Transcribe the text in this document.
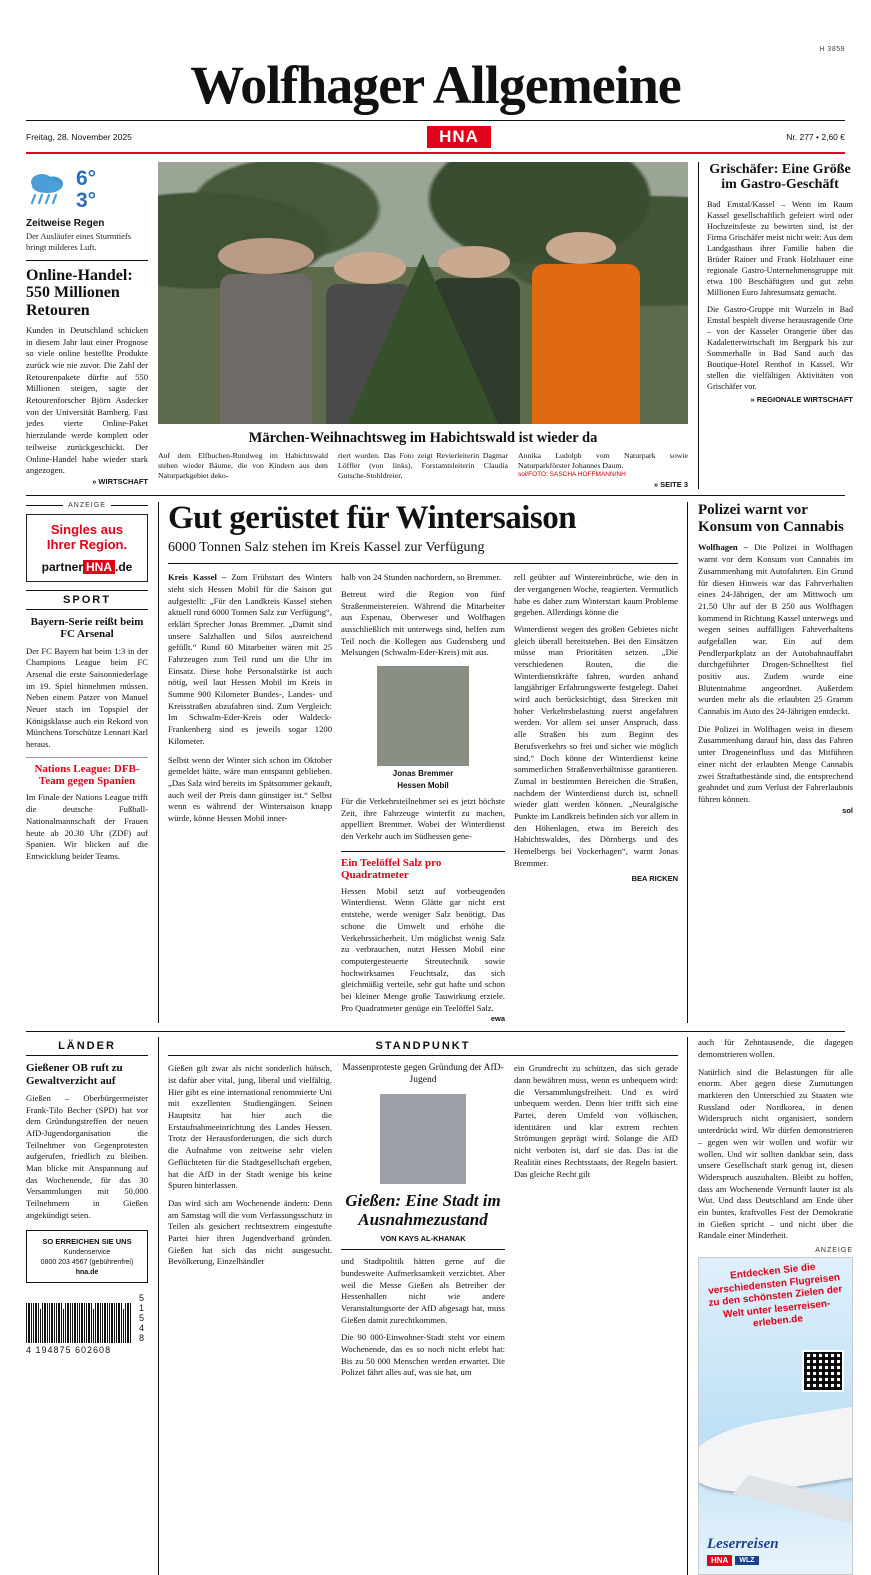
H 3859
Wolfhager Allgemeine
Freitag, 28. November 2025	HNA	Nr. 277 • 2,60 €
6°
3°
Zeitweise Regen
Der Ausläufer eines Sturmtiefs bringt milderes Luft.
Online-Handel: 550 Millionen Retouren
Kunden in Deutschland schicken in diesem Jahr laut einer Prognose so viele online bestellte Produkte zurück wie nie zuvor. Die Zahl der Retourenpakete dürfte auf 550 Millionen steigen, sagte der Retourenforscher Björn Asdecker von der Universität Bamberg. Fast jedes vierte Online-Paket hierzulande werde komplett oder teilweise zurückgeschickt. Der Online-Handel habe wieder stark angezogen.
» WIRTSCHAFT
Märchen-Weihnachtsweg im Habichtswald ist wieder da
Auf dem Elfbuchen-Rundweg im Habichtswald stehen wieder Bäume, die von Kindern aus dem Naturparkgebiet deko-
riert wurden. Das Foto zeigt Revierleiterin Dagmar Löffler (von links), Forstamtsleiterin Claudia Gutsche-Stohldreier,
Annika Ludolph vom Naturpark sowie Naturparkförster Johannes Daum.
sol/FOTO: SASCHA HOFFMANN/NH
» SEITE 3
Grischäfer: Eine Größe im Gastro-Geschäft
Bad Emstal/Kassel – Wenn im Raum Kassel gesellschaftlich gefeiert wird oder Hochzeitsfeste zu bewirten sind, ist der Firma Grischäfer meist nicht weit: Aus dem Landgasthaus ihrer Familie haben die Brüder Rainer und Frank Holzhauer eine regionale Gastro-Unternehmensgruppe mit etwa 100 Beschäftigten und gut zehn Millionen Euro Jahresumsatz gemacht.
Die Gastro-Gruppe mit Wurzeln in Bad Emstal bespielt diverse herausragende Orte – von der Kasseler Orangerie über das Kadaletterwirtschaft im Bergpark bis zur Sommerhalle in Bad Sand auch das Boutique-Hotel Renthof in Kassel. Wir stellen die vielfältigen Aktivitäten von Grischäfer vor.
» REGIONALE WIRTSCHAFT
ANZEIGE
Singles aus
Ihrer Region.
partner HNA .de
SPORT
Bayern-Serie reißt beim FC Arsenal
Der FC Bayern hat beim 1:3 in der Champions League beim FC Arsenal die erste Saisonniederlage im 19. Spiel hinnehmen müssen. Neben einem Patzer von Manuel Neuer stach im Topspiel der Königsklasse auch ein Rekord von Münchens Torschütze Lennart Karl heraus.
Nations League: DFB-Team gegen Spanien
Im Finale der Nations League trifft die deutsche Fußball-Nationalmannschaft der Frauen heute ab 20.30 Uhr (ZDF) auf Spanien. Wir blicken auf die Entwicklung beider Teams.
Gut gerüstet für Wintersaison
6000 Tonnen Salz stehen im Kreis Kassel zur Verfügung
Kreis Kassel – Zum Frühstart des Winters sieht sich Hessen Mobil für die Saison gut aufgestellt: „Für den Landkreis Kassel stehen aktuell rund 6000 Tonnen Salz zur Verfügung“, erklärt Sprecher Jonas Bremmer. „Damit sind unsere Salzhallen und Silos ausreichend gefüllt.“ Rund 60 Mitarbeiter wären mit 25 Fahrzeugen zum Teil rund um die Uhr im Einsatz. Diese hohe Personalstärke ist auch nötig, weil laut Hessen Mobil im Kreis in Summe 900 Kilometer Bundes-, Landes- und Kreisstraßen abzufahren sind. Zum Vergleich: Im Schwalm-Eder-Kreis oder Waldeck-Frankenberg sind es jeweils sogar 1200 Kilometer.
Selbst wenn der Winter sich schon im Oktober gemeldet hätte, wäre man entspannt geblieben. „Das Salz wird bereits im Spätsommer gekauft, auch weil der Preis dann günstiger ist.“ Selbst wenn es während der Wintersaison knapp würde, könne Hessen Mobil inner-
halb von 24 Stunden nachordern, so Bremmer.
Betreut wird die Region von fünf Straßenmeistereien. Während die Mitarbeiter aus Espenau, Oberweser und Wolfhagen ausschließlich mit unterwegs sind, helfen zum Teil noch die Kollegen aus Gudensberg und Melsungen (Schwalm-Eder-Kreis) mit aus.
Jonas Bremmer
Hessen Mobil
Für die Verkehrsteilnehmer sei es jetzt höchste Zeit, ihre Fahrzeuge winterfit zu machen, appelliert Bremmer. Wobei der Winterdienst den Verkehr auch im Südhessen gene-
Ein Teelöffel Salz pro Quadratmeter
Hessen Mobil setzt auf vorbeugenden Winterdienst. Wenn Glätte gar nicht erst entstehe, werde weniger Salz benötigt. Das schone die Umwelt und erhöhe die Verkehrssicherheit. Um möglichst wenig Salz zu verbrauchen, nutzt Hessen Mobil eine computergesteuerte Streutechnik sowie hochwirksames Feuchtsalz, das sich gleichmäßig verteile, sehr gut hafte und schon bei kleiner Menge große Tauwirkung erziele. Pro Quadratmeter genüge ein Teelöffel Salz.
ewa
rell geübter auf Wintereinbrüche, wie den in der vergangenen Woche, reagierten. Vermutlich habe es daher zum Winterstart kaum Probleme gegeben. Allerdings könne die
Winterdienst wegen des großen Gebietes nicht gleich überall bereitstehen. Bei den Einsätzen müsse man Prioritäten setzen. „Die verschiedenen Routen, die die Winterdienstkräfte fahren, wurden anhand langjähriger Erfahrungswerte festgelegt. Dabei wird auch berücksichtigt, dass Strecken mit hoher Verkehrsbelastung zuerst angefahren werden. Vor allem sei unser Anspruch, dass alle Straßen bis zum Beginn des Berufsverkehrs so frei und sicher wie möglich sind.“ Doch könne der Winterdienst keine sommerlichen Straßenverhältnisse garantieren. Zumal in bestimmten Bereichen die Straßen, nachdem der Winterdienst durch ist, schnell wieder glatt werden können. „Neuralgische Punkte im Landkreis befinden sich vor allem in den Höhenlagen, etwa im Bereich des Habichtswaldes, des Dörnbergs und des Hemelbergs bei Vockerhagen“, warnt Jonas Bremmer.
BEA RICKEN
Polizei warnt vor Konsum von Cannabis
Wolfhagen – Die Polizei in Wolfhagen warnt vor dem Konsum von Cannabis im Zusammenhang mit Autofahrten. Ein Grund für diesen Hinweis war das Fahrverhalten eines 24-Jährigen, der am Mittwoch um 21.50 Uhr auf der B 250 aus Wolfhagen kommend in Richtung Kassel unterwegs und wegen seines auffälligen Fahrverhaltens aufgefallen war. Ein auf dem Pendlerparkplatz an der Autobahnauffahrt durchgeführter Drogen-Schnelltest fiel positiv aus. Zudem wurde eine Blutentnahme angeordnet. Außerdem wurden mehr als die erlaubten 25 Gramm Cannabis im Auto des 24-Jährigen entdeckt.
Die Polizei in Wolfhagen weist in diesem Zusammenhang darauf hin, dass das Fahren unter Drogeneinfluss und das Mitführen einer nicht der erlaubten Menge Cannabis zwei Straftatbestände sind, die entsprechend geahndet und zum Verlust der Fahrerlaubnis führen können.
sol
LÄNDER
Gießener OB ruft zu Gewaltverzicht auf
Gießen – Oberbürgermeister Frank-Tilo Becher (SPD) hat vor dem Gründungstreffen der neuen AfD-Jugendorganisation die Teilnehmer von Gegenprotesten aufgerufen, friedlich zu bleiben. Man blicke mit Anspannung auf das Wochenende, für das 30 Versammlungen mit 50.000 Teilnehmern in Gießen angekündigt seien.
SO ERREICHEN SIE UNS
Kundenservice
0800 203 4567 (gebührenfrei)
hna.de
5 1 5 4 8
4 194875 602608
STANDPUNKT
Gießen gilt zwar als nicht sonderlich hübsch, ist dafür aber vital, jung, liberal und vielfältig. Hier gibt es eine international renommierte Uni mit exzellenten Studiengängen. Seinen Hauptsitz hat hier auch die Erstaufnahmeeinrichtung des Landes Hessen. Trotz der Herausforderungen, die sich durch die Aufnahme von zeitweise sehr vielen Geflüchteten für die Stadtgesellschaft ergeben, hat die AfD in der Stadt wenige bis keine Spuren hinterlassen.
Das wird sich am Wochenende ändern: Denn am Samstag will die vom Verfassungsschutz in Teilen als gesichert rechtsextrem eingestufte Partei hier ihren Jugendverband gründen. Gießen hat sich das nicht ausgesucht. Bevölkerung, Einzelhändler
Massenproteste gegen Gründung der AfD-Jugend
Gießen: Eine Stadt im Ausnahmezustand
VON KAYS AL-KHANAK
und Stadtpolitik hätten gerne auf die bundesweite Aufmerksamkeit verzichtet. Aber weil die Messe Gießen als Betreiber der Hessenhallen nicht wie andere Veranstaltungsorte der AfD abgesagt hat, muss Gießen damit zurechtkommen.
Die 90 000-Einwohner-Stadt steht vor einem Wochenende, das es so noch nicht erlebt hat: Bis zu 50 000 Menschen werden erwartet. Die Polizei fährt alles auf, was sie hat, um
ein Grundrecht zu schützen, das sich gerade dann bewähren muss, wenn es unbequem wird: die Versammlungsfreiheit. Und es wird unbequem werden. Denn hier trifft sich eine Partei, deren Umfeld von völkischen, identitären und klar extrem rechten Strömungen geprägt wird. Solange die AfD nicht verboten ist, darf sie das. Das ist die Realität eines Rechtsstaats, der Regeln basiert. Das gleiche Recht gilt
auch für Zehntausende, die dagegen demonstrieren wollen.
Natürlich sind die Belastungen für alle enorm. Aber gegen diese Zumutungen markieren den Unterschied zu Staaten wie Russland oder Nordkorea, in denen Widerspruch nicht organisiert, sondern unterdrückt wird. Wir dürfen demonstrieren – gegen wen wir wollen und wofür wir wollen. Und wir sollten dankbar sein, dass unsere Gesellschaft stark genug ist, diesen Widerspruch auszuhalten. Bleibt zu hoffen, dass am Wochenende Vernunft lauter ist als Wut. Und dass Deutschland am Ende über ein buntes, kraftvolles Fest der Demokratie in Gießen spricht – und nicht über die Randale einer Minderheit.
ANZEIGE
Entdecken Sie die verschiedensten Flugreisen zu den schönsten Zielen der Welt unter leserreisen-erleben.de
Leserreisen
HNA	WLZ
